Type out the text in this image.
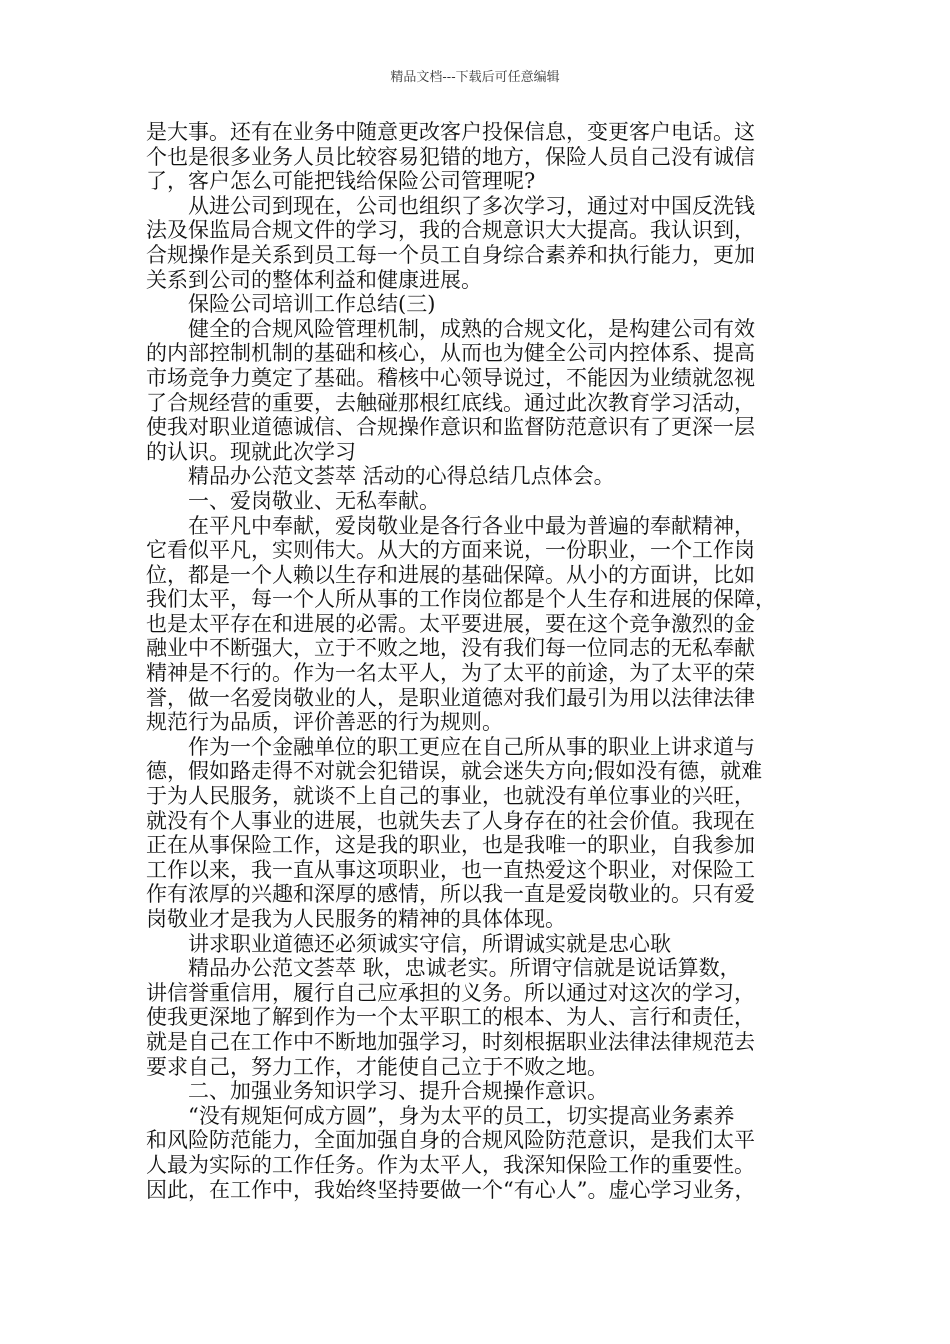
精品文档---下载后可任意编辑
是大事。还有在业务中随意更改客户投保信息，变更客户电话。这
个也是很多业务人员比较容易犯错的地方，保险人员自己没有诚信
了，客户怎么可能把钱给保险公司管理呢?
　　从进公司到现在，公司也组织了多次学习，通过对中国反洗钱
法及保监局合规文件的学习，我的合规意识大大提高。我认识到，
合规操作是关系到员工每一个员工自身综合素养和执行能力，更加
关系到公司的整体利益和健康进展。
　　保险公司培训工作总结(三)
　　健全的合规风险管理机制，成熟的合规文化，是构建公司有效
的内部控制机制的基础和核心，从而也为健全公司内控体系、提高
市场竞争力奠定了基础。稽核中心领导说过，不能因为业绩就忽视
了合规经营的重要，去触碰那根红底线。通过此次教育学习活动，
使我对职业道德诚信、合规操作意识和监督防范意识有了更深一层
的认识。现就此次学习
　　精品办公范文荟萃 活动的心得总结几点体会。
　　一、爱岗敬业、无私奉献。
　　在平凡中奉献，爱岗敬业是各行各业中最为普遍的奉献精神，
它看似平凡，实则伟大。从大的方面来说，一份职业，一个工作岗
位，都是一个人赖以生存和进展的基础保障。从小的方面讲，比如
我们太平，每一个人所从事的工作岗位都是个人生存和进展的保障，
也是太平存在和进展的必需。太平要进展，要在这个竞争激烈的金
融业中不断强大，立于不败之地，没有我们每一位同志的无私奉献
精神是不行的。作为一名太平人，为了太平的前途，为了太平的荣
誉，做一名爱岗敬业的人，是职业道德对我们最引为用以法律法律
规范行为品质，评价善恶的行为规则。
　　作为一个金融单位的职工更应在自己所从事的职业上讲求道与
德，假如路走得不对就会犯错误，就会迷失方向;假如没有德，就难
于为人民服务，就谈不上自己的事业，也就没有单位事业的兴旺，
就没有个人事业的进展，也就失去了人身存在的社会价值。我现在
正在从事保险工作，这是我的职业，也是我唯一的职业，自我参加
工作以来，我一直从事这项职业，也一直热爱这个职业，对保险工
作有浓厚的兴趣和深厚的感情，所以我一直是爱岗敬业的。只有爱
岗敬业才是我为人民服务的精神的具体体现。
　　讲求职业道德还必须诚实守信，所谓诚实就是忠心耿
　　精品办公范文荟萃 耿，忠诚老实。所谓守信就是说话算数，
讲信誉重信用，履行自己应承担的义务。所以通过对这次的学习，
使我更深地了解到作为一个太平职工的根本、为人、言行和责任，
就是自己在工作中不断地加强学习，时刻根据职业法律法律规范去
要求自己，努力工作，才能使自己立于不败之地。
　　二、加强业务知识学习、提升合规操作意识。
　　“没有规矩何成方圆”，身为太平的员工，切实提高业务素养
和风险防范能力，全面加强自身的合规风险防范意识，是我们太平
人最为实际的工作任务。作为太平人，我深知保险工作的重要性。
因此，在工作中，我始终坚持要做一个“有心人”。虚心学习业务，
